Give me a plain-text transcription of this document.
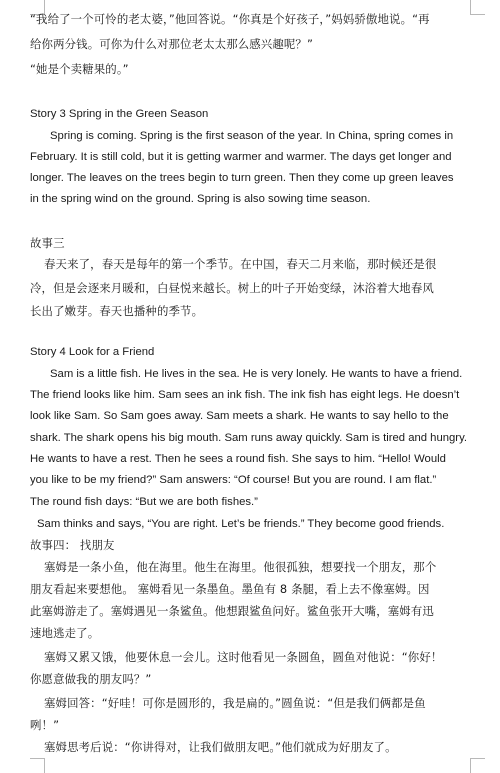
“我给了一个可怜的老太婆，”他回答说。“你真是个好孩子，”妈妈骄傲地说。“再

给你两分钱。可你为什么对那位老太太那么感兴趣呢？”

“她是个卖糖果的。”

Story 3 Spring in the Green Season

Spring is coming. Spring is the first season of the year. In China, spring comes in

February. It is still cold, but it is getting warmer and warmer. The days get longer and

longer. The leaves on the trees begin to turn green. Then they come up green leaves

in the spring wind on the ground. Spring is also sowing time season.

故事三

春天来了，春天是每年的第一个季节。在中国，春天二月来临，那时候还是很

冷，但是会逐来月暖和，白昼悦来越长。树上的叶子开始变绿，沐浴着大地春风

长出了嫩芽。春天也播种的季节。

Story 4 Look for a Friend

Sam is a little fish. He lives in the sea. He is very lonely. He wants to have a friend.

The friend looks like him. Sam sees an ink fish. The ink fish has eight legs. He doesn’t

look like Sam. So Sam goes away. Sam meets a shark. He wants to say hello to the

shark. The shark opens his big mouth. Sam runs away quickly. Sam is tired and hungry.

He wants to have a rest. Then he sees a round fish. She says to him. “Hello! Would

you like to be my friend?” Sam answers: “Of course! But you are round. I am flat.”

The round fish days: “But we are both fishes.”

Sam thinks and says, “You are right. Let’s be friends.” They become good friends.

故事四： 找朋友

塞姆是一条小鱼，他在海里。他生在海里。他很孤独，想要找一个朋友，那个

朋友看起来要想他。 塞姆看见一条墨鱼。墨鱼有 8 条腿，看上去不像塞姆。因

此塞姆游走了。塞姆遇见一条鲨鱼。他想跟鲨鱼问好。鲨鱼张开大嘴，塞姆有迅

速地逃走了。

塞姆又累又饿，他要休息一会儿。这时他看见一条圆鱼，圆鱼对他说：“你好！

你愿意做我的朋友吗？”

塞姆回答：“好哇！可你是圆形的，我是扁的。”圆鱼说：“但是我们俩都是鱼

咧！”

塞姆思考后说：“你讲得对，让我们做朋友吧。”他们就成为好朋友了。
